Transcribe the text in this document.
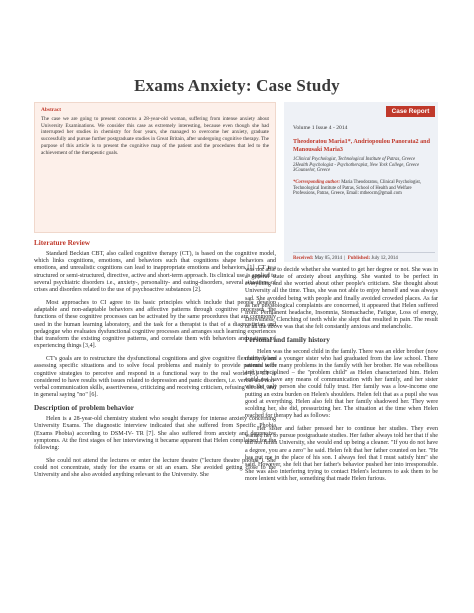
Exams Anxiety: Case Study
Abstract
The case we are going to present concerns a 28-year-old woman, suffering from intense anxiety about University Examinations. We consider this case as extremely interesting, because even though she had interrupted her studies in chemistry for four years, she managed to overcome her anxiety, graduate successfully and pursue further postgraduate studies in Great Britain, after undergoing cognitive therapy. The purpose of this article is to present the cognitive map of the patient and the procedures that led to the achievement of the therapeutic goals.
Case Report
Volume 1 Issue 4 - 2014
Theodoratou Maria1*, Andriopoulou Panorata2 and Manousaki Maria3
1Clinical Psychologist, Technological Institute of Patras, Greece
2Health Psychologist - Psychotherapist, New York College, Greece
3Counselor, Greece
*Corresponding author: Maria Theodoratou, Clinical Psychologist, Technological Institute of Patras, School of Health and Welfare Professions, Patras, Greece, Email: mtheocm@gmail.com
Received: May 05, 2014  |  Published: July 12, 2014
Literature Review

Standard Beckian CBT, also called cognitive therapy (CT), is based on the cognitive model, which links cognitions, emotions, and behaviors such that cognitions shape behaviors and emotions, and unrealistic cognitions can lead to inappropriate emotions and behaviors [1]. CT is a structured or semi-structured, directive, active and short-term approach. Its clinical use is applied to several psychiatric disorders i.e., anxiety-, personality- and eating-disorders, several situations of crises and disorders related to the use of psychoactive substances [2].

Most approaches to CI agree to its basic principles which include that people develop adaptable and non-adaptable behaviors and affective patterns through cognitive processes, the functions of these cognitive processes can be activated by the same procedures that are commonly used in the human learning laboratory, and the task for a therapist is that of a diagnostician and pedagogue who evaluates dysfunctional cognitive processes and arranges such learning experiences that transform the existing cognitive patterns, and correlate them with behaviors and patterns of experiencing things [3,4].

CT's goals are to restructure the dysfunctional cognitions and give cognitive flexibility when assessing specific situations and to solve focal problems and mainly to provide patients with cognitive strategies to perceive and respond in a functional way to the real world [5]. CT is considered to have results with issues related to depression and panic disorders, i.e. verbal and non-verbal communication skills, assertiveness, criticizing and receiving criticism, refusing alcohol, and in general saying "no" [6].

Description of problem behavior

Helen is a 28-year-old chemistry student who sought therapy for intense anxiety concerning University Exams. The diagnostic interview indicated that she suffered from Specific Phobia (Exams Phobia) according to DSM-IV- TR [7]. She also suffered from anxiety and depressive symptoms. At the first stages of her interviewing it became apparent that Helen complained for the following:

She could not attend the lectures or enter the lecture theatre ("lecture theatre phobia"). She could not concentrate, study for the exams or sit an exam. She avoided getting close to the University and she also avoided anything relevant to the University. She

was not able to decide whether she wanted to get her degree or not. She was in a general state of anxiety about anything. She wanted to be perfect in everything and she worried about other people's criticism. She thought about University all the time. Thus, she was not able to enjoy herself and was always sad. She avoided being with people and finally avoided crowded places. As far as her physiological complaints are concerned, it appeared that Helen suffered from: Permanent headache, Insomnia, Stomachache, Fatigue, Loss of energy, Drowsiness, Clenching of teeth while she slept that resulted in pain. The result of all the above was that she felt constantly anxious and melancholic.

Personal and family history

Helen was the second child in the family. There was an elder brother (now married) and a younger sister who had graduated from the law school. There seemed to be many problems in the family with her brother. He was rebellious and undisciplined – the "problem child" as Helen characterized him. Helen could not have any means of communication with her family, and her sister was the only person she could fully trust. Her family was a low-income one putting an extra burden on Helen's shoulders. Helen felt that as a pupil she was good at everything. Helen also felt that her family shadowed her. They were scolding her, she did, pressurizing her. The situation at the time when Helen reached for therapy had as follows:

Her sister and father pressed her to continue her studies. They even wanted her to pursue postgraduate studies. Her father always told her that if she did not finish University, she would end up being a cleaner. "If you do not have a degree, you are a zero" he said. Helen felt that her father counted on her. "He has put me in the place of his son. I always feel that I must satisfy him" she said. However, she felt that her father's behavior pushed her into irresponsible. She was also interfering trying to contact Helen's lecturers to ask them to be more lenient with her, something that made Helen furious.
